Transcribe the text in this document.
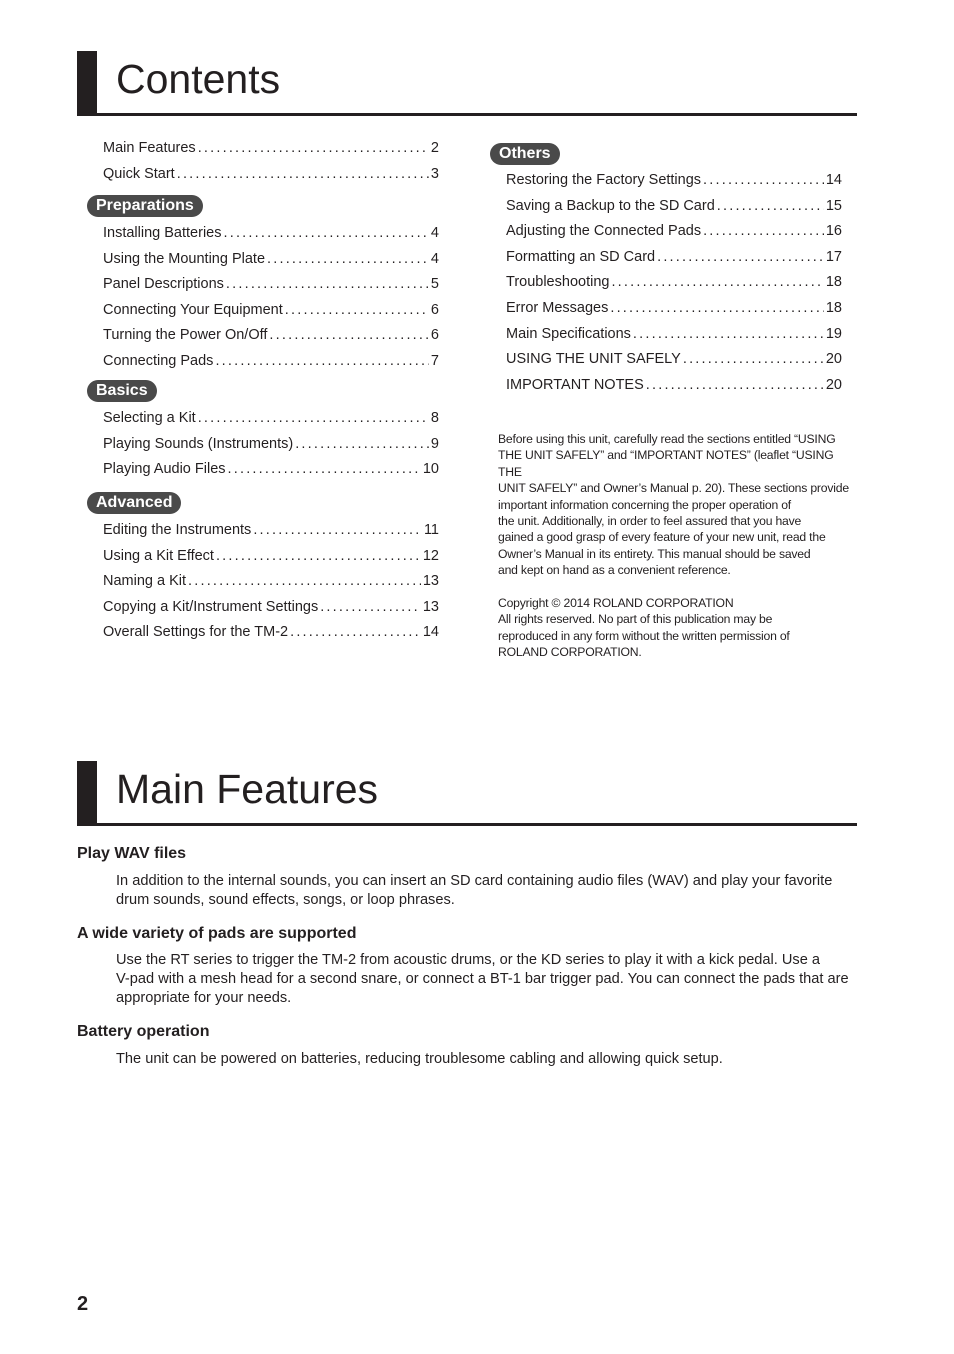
Contents
Main Features .....	2
Quick Start .....	3
Preparations
Installing Batteries .....	4
Using the Mounting Plate .....	4
Panel Descriptions .....	5
Connecting Your Equipment .....	6
Turning the Power On/Off .....	6
Connecting Pads .....	7
Basics
Selecting a Kit .....	8
Playing Sounds (Instruments) .....	9
Playing Audio Files .....	10
Advanced
Editing the Instruments .....	11
Using a Kit Effect .....	12
Naming a Kit .....	13
Copying a Kit/Instrument Settings .....	13
Overall Settings for the TM-2 .....	14
Others
Restoring the Factory Settings .....	14
Saving a Backup to the SD Card .....	15
Adjusting the Connected Pads .....	16
Formatting an SD Card .....	17
Troubleshooting .....	18
Error Messages .....	18
Main Specifications .....	19
USING THE UNIT SAFELY .....	20
IMPORTANT NOTES .....	20

Before using this unit, carefully read the sections entitled “USING
THE UNIT SAFELY” and “IMPORTANT NOTES” (leaflet “USING THE
UNIT SAFELY” and Owner’s Manual p. 20). These sections provide
important information concerning the proper operation of
the unit. Additionally, in order to feel assured that you have
gained a good grasp of every feature of your new unit, read the
Owner’s Manual in its entirety. This manual should be saved
and kept on hand as a convenient reference.

Copyright © 2014 ROLAND CORPORATION
All rights reserved. No part of this publication may be
reproduced in any form without the written permission of
ROLAND CORPORATION.

Main Features
Play WAV files
In addition to the internal sounds, you can insert an SD card containing audio files (WAV) and play your favorite
drum sounds, sound effects, songs, or loop phrases.
A wide variety of pads are supported
Use the RT series to trigger the TM-2 from acoustic drums, or the KD series to play it with a kick pedal. Use a
V-pad with a mesh head for a second snare, or connect a BT-1 bar trigger pad. You can connect the pads that are
appropriate for your needs.
Battery operation
The unit can be powered on batteries, reducing troublesome cabling and allowing quick setup.
2
